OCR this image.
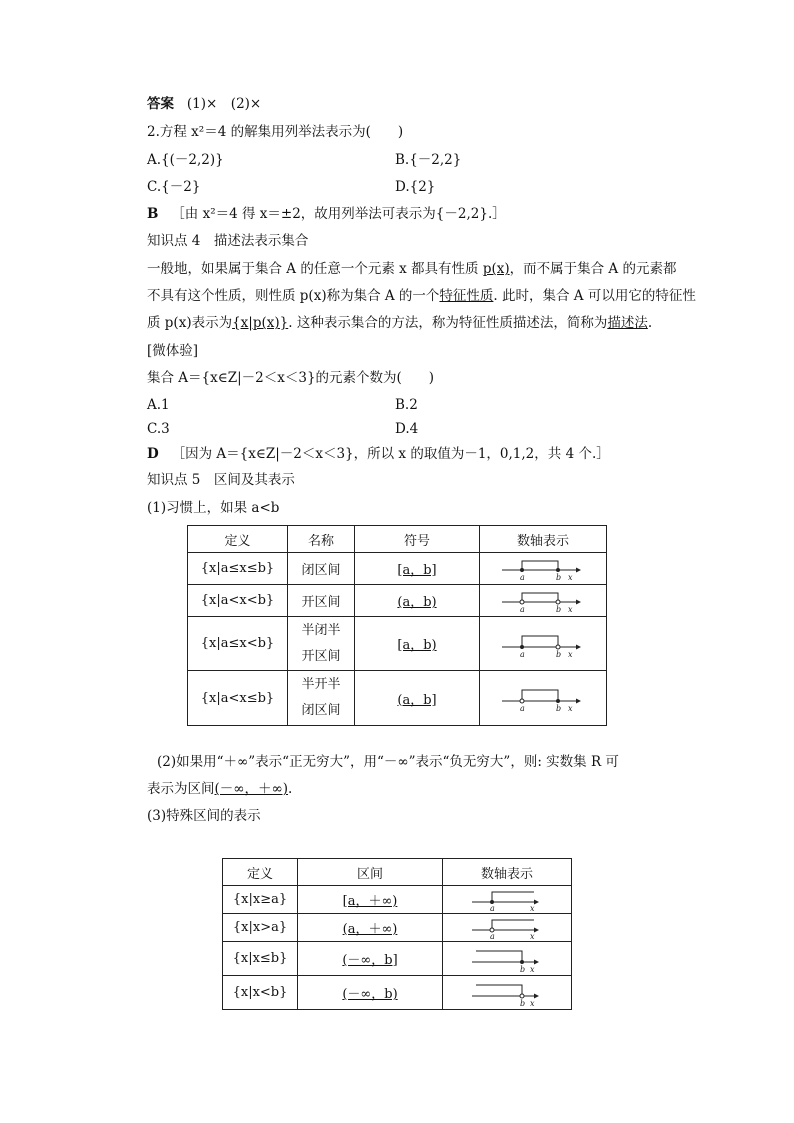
答案 (1)×　(2)×
2.方程 x²＝4 的解集用列举法表示为(　　)
A.{(－2,2)}	B.{－2,2}
C.{－2}	D.{2}
B ［由 x²＝4 得 x＝±2，故用列举法可表示为{－2,2}.］
知识点 4　描述法表示集合
一般地，如果属于集合 A 的任意一个元素 x 都具有性质 p(x)，而不属于集合 A 的元素都
不具有这个性质，则性质 p(x)称为集合 A 的一个特征性质. 此时，集合 A 可以用它的特征性
质 p(x)表示为{x|p(x)}. 这种表示集合的方法，称为特征性质描述法，简称为描述法.
[微体验]
集合 A＝{x∈Z|－2＜x＜3}的元素个数为(　　)
A.1	B.2
C.3	D.4
D ［因为 A＝{x∈Z|－2＜x＜3}，所以 x 的取值为－1，0,1,2，共 4 个.］
知识点 5　区间及其表示
(1)习惯上，如果 a<b
定义	名称	符号	数轴表示
{x|a≤x≤b}	闭区间	[a，b]	a b x

{x|a<x<b}	开区间	(a，b)	a b x

{x|a≤x<b}	半闭半
开区间	[a，b)	a b x

{x|a<x≤b}	半开半
闭区间	(a，b]	a b x
(2)如果用“＋∞”表示“正无穷大”，用“－∞”表示“负无穷大”，则: 实数集 R 可
表示为区间(－∞，＋∞).
(3)特殊区间的表示
定义	区间	数轴表示
{x|x≥a}	[a，＋∞)	a x

{x|x>a}	(a，＋∞)	a x

{x|x≤b}	(－∞，b]	b x

{x|x<b}	(－∞，b)	b x
